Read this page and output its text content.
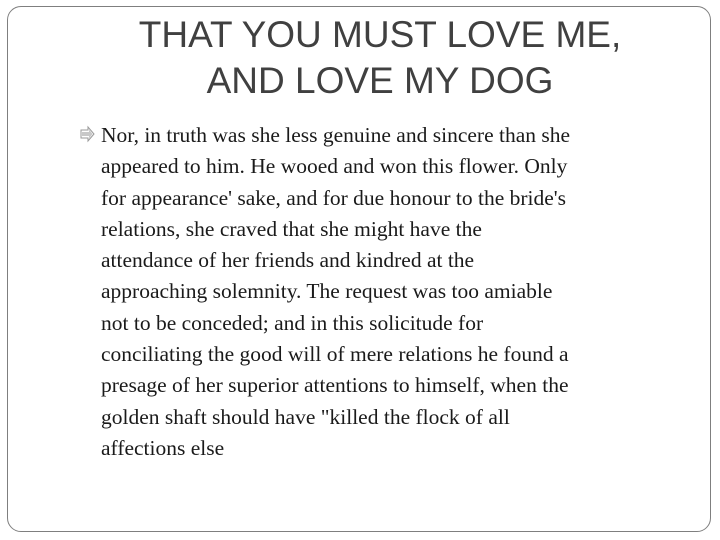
THAT YOU MUST LOVE ME,
AND LOVE MY DOG

Nor, in truth was she less genuine and sincere than she
appeared to him. He wooed and won this flower. Only
for appearance' sake, and for due honour to the bride's
relations, she craved that she might have the
attendance of her friends and kindred at the
approaching solemnity. The request was too amiable
not to be conceded; and in this solicitude for
conciliating the good will of mere relations he found a
presage of her superior attentions to himself, when the
golden shaft should have "killed the flock of all
affections else
